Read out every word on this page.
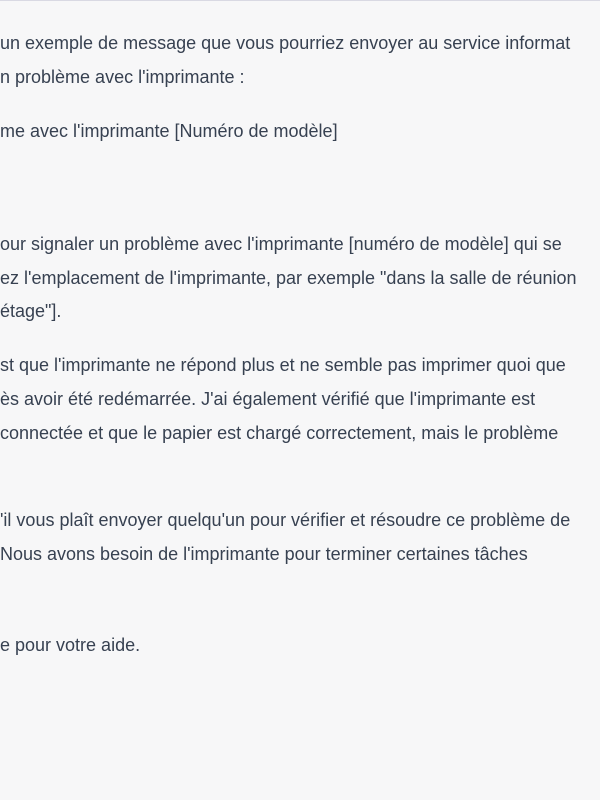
un exemple de message que vous pourriez envoyer au service informat
n problème avec l'imprimante :
me avec l'imprimante [Numéro de modèle]
our signaler un problème avec l'imprimante [numéro de modèle] qui se
ez l'emplacement de l'imprimante, par exemple "dans la salle de réunion
étage"].
st que l'imprimante ne répond plus et ne semble pas imprimer quoi que
ès avoir été redémarrée. J'ai également vérifié que l'imprimante est
connectée et que le papier est chargé correctement, mais le problème
'il vous plaît envoyer quelqu'un pour vérifier et résoudre ce problème de
Nous avons besoin de l'imprimante pour terminer certaines tâches
e pour votre aide.
